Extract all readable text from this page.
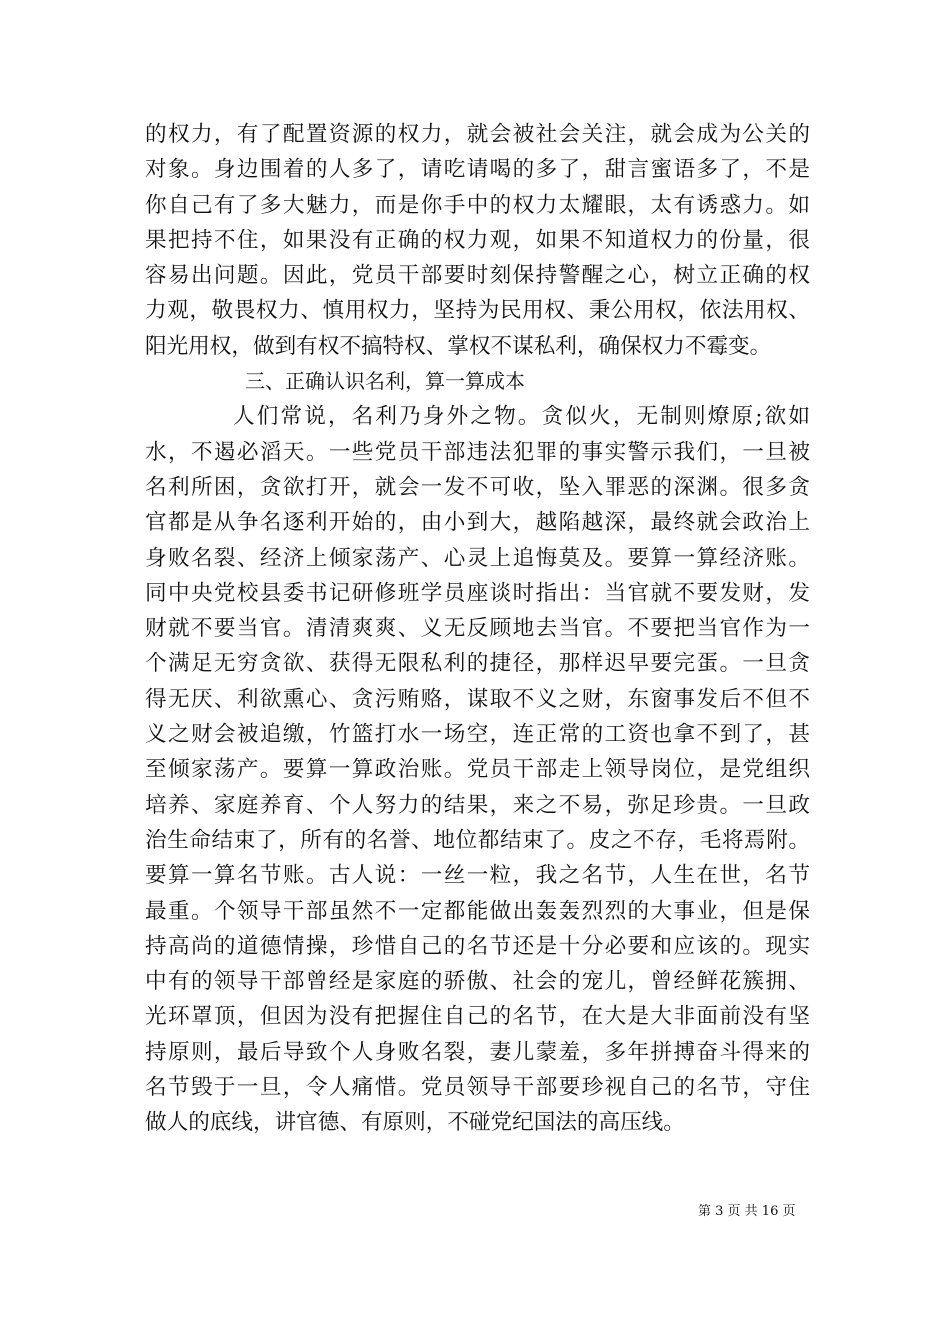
的权力，有了配置资源的权力，就会被社会关注，就会成为公关的
对象。身边围着的人多了，请吃请喝的多了，甜言蜜语多了，不是
你自己有了多大魅力，而是你手中的权力太耀眼，太有诱惑力。如
果把持不住，如果没有正确的权力观，如果不知道权力的份量，很
容易出问题。因此，党员干部要时刻保持警醒之心，树立正确的权
力观，敬畏权力、慎用权力，坚持为民用权、秉公用权，依法用权、
阳光用权，做到有权不搞特权、掌权不谋私利，确保权力不霉变。
三、正确认识名利，算一算成本
人们常说，名利乃身外之物。贪似火，无制则燎原;欲如
水，不遏必滔天。一些党员干部违法犯罪的事实警示我们，一旦被
名利所困，贪欲打开，就会一发不可收，坠入罪恶的深渊。很多贪
官都是从争名逐利开始的，由小到大，越陷越深，最终就会政治上
身败名裂、经济上倾家荡产、心灵上追悔莫及。要算一算经济账。
同中央党校县委书记研修班学员座谈时指出：当官就不要发财，发
财就不要当官。清清爽爽、义无反顾地去当官。不要把当官作为一
个满足无穷贪欲、获得无限私利的捷径，那样迟早要完蛋。一旦贪
得无厌、利欲熏心、贪污贿赂，谋取不义之财，东窗事发后不但不
义之财会被追缴，竹篮打水一场空，连正常的工资也拿不到了，甚
至倾家荡产。要算一算政治账。党员干部走上领导岗位，是党组织
培养、家庭养育、个人努力的结果，来之不易，弥足珍贵。一旦政
治生命结束了，所有的名誉、地位都结束了。皮之不存，毛将焉附。
要算一算名节账。古人说：一丝一粒，我之名节，人生在世，名节
最重。个领导干部虽然不一定都能做出轰轰烈烈的大事业，但是保
持高尚的道德情操，珍惜自己的名节还是十分必要和应该的。现实
中有的领导干部曾经是家庭的骄傲、社会的宠儿，曾经鲜花簇拥、
光环罩顶，但因为没有把握住自己的名节，在大是大非面前没有坚
持原则，最后导致个人身败名裂，妻儿蒙羞，多年拼搏奋斗得来的
名节毁于一旦，令人痛惜。党员领导干部要珍视自己的名节，守住
做人的底线，讲官德、有原则，不碰党纪国法的高压线。
第 3 页 共 16 页
